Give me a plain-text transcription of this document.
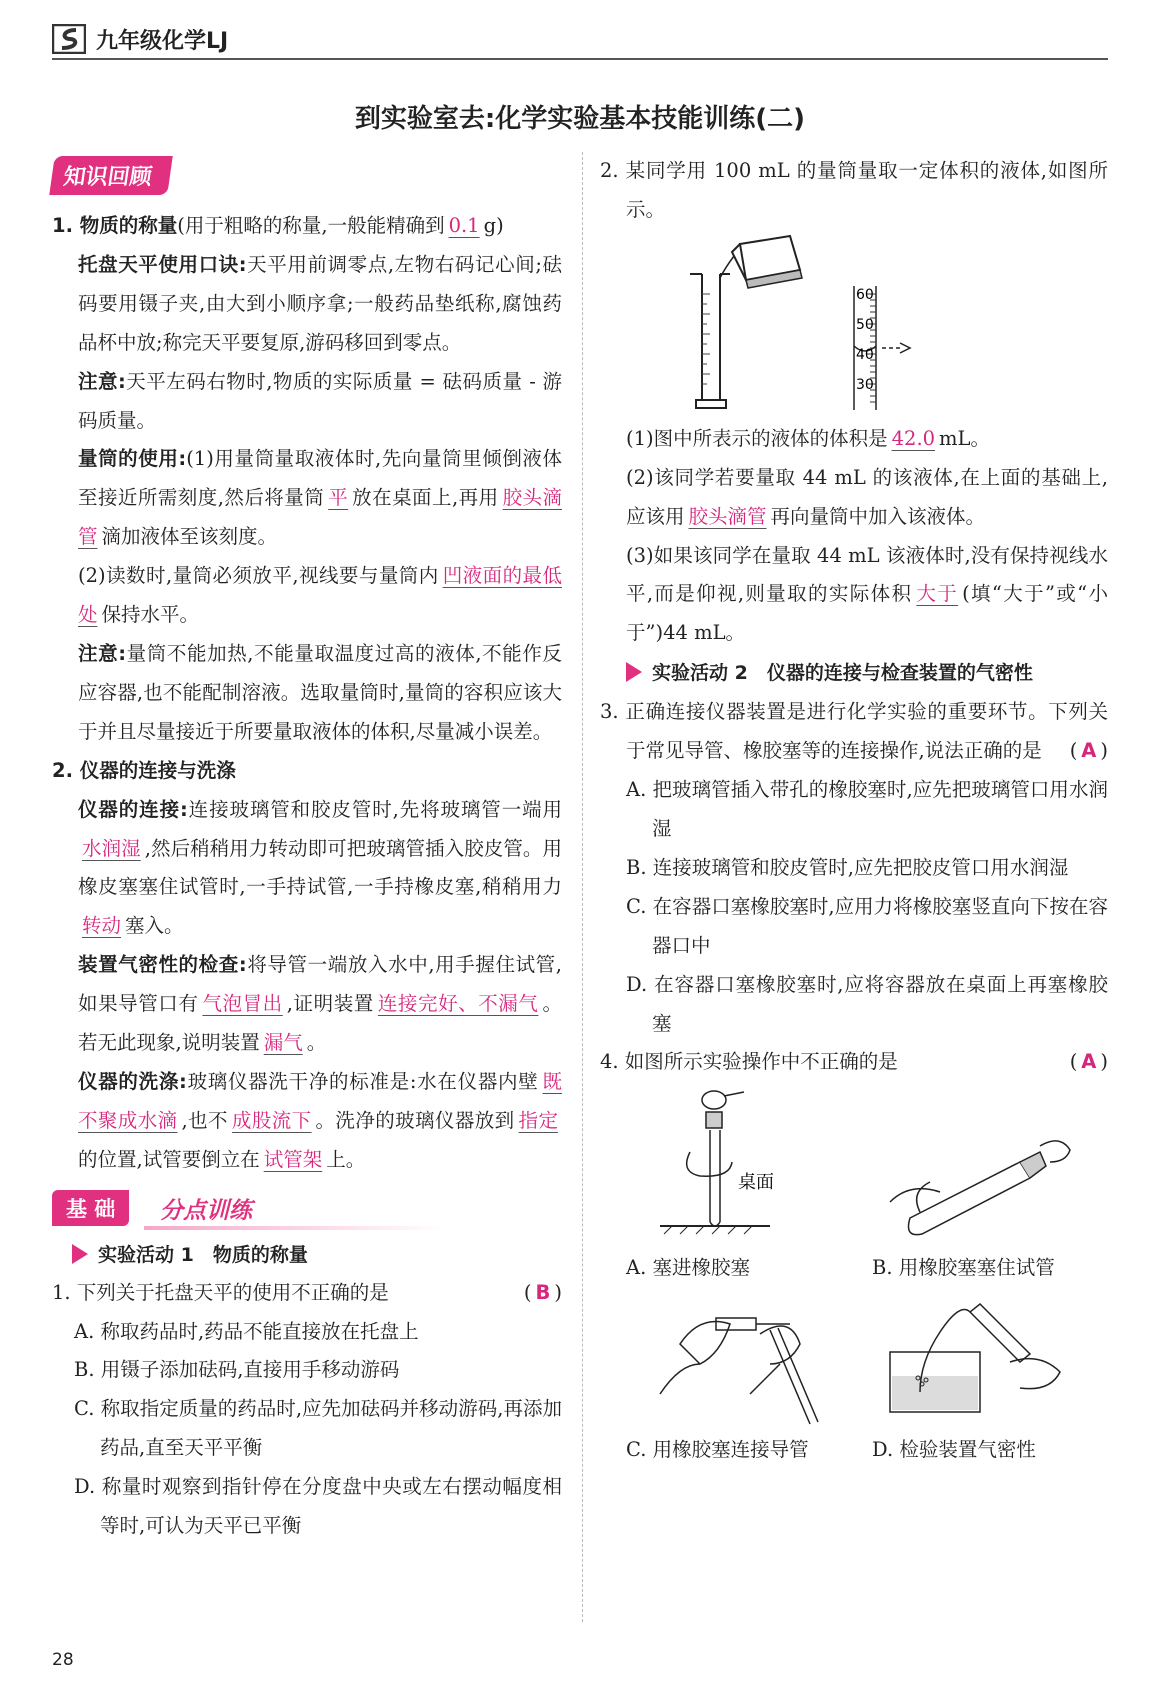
九年级化学LJ
到实验室去:化学实验基本技能训练(二)
知识回顾
1. 物质的称量(用于粗略的称量,一般能精确到 0.1 g)
托盘天平使用口诀:天平用前调零点,左物右码记心间;砝码要用镊子夹,由大到小顺序拿;一般药品垫纸称,腐蚀药品杯中放;称完天平要复原,游码移回到零点。
注意:天平左码右物时,物质的实际质量 = 砝码质量 - 游码质量。
量筒的使用:(1)用量筒量取液体时,先向量筒里倾倒液体至接近所需刻度,然后将量筒 平 放在桌面上,再用 胶头滴管 滴加液体至该刻度。
(2)读数时,量筒必须放平,视线要与量筒内 凹液面的最低处 保持水平。
注意:量筒不能加热,不能量取温度过高的液体,不能作反应容器,也不能配制溶液。选取量筒时,量筒的容积应该大于并且尽量接近于所要量取液体的体积,尽量减小误差。
2. 仪器的连接与洗涤
仪器的连接:连接玻璃管和胶皮管时,先将玻璃管一端用水润湿 ,然后稍稍用力转动即可把玻璃管插入胶皮管。用橡皮塞塞住试管时,一手持试管,一手持橡皮塞,稍稍用力转动 塞入。
装置气密性的检查:将导管一端放入水中,用手握住试管,如果导管口有 气泡冒出 ,证明装置 连接完好、不漏气 。若无此现象,说明装置 漏气 。
仪器的洗涤:玻璃仪器洗干净的标准是:水在仪器内壁 既不聚成水滴 ,也不 成股流下 。洗净的玻璃仪器放到 指定的位置,试管要倒立在 试管架 上。
基 础	分点训练
实验活动 1　物质的称量
1. 下列关于托盘天平的使用不正确的是	( B )
A. 称取药品时,药品不能直接放在托盘上
B. 用镊子添加砝码,直接用手移动游码
C. 称取指定质量的药品时,应先加砝码并移动游码,再添加药品,直至天平平衡
D. 称量时观察到指针停在分度盘中央或左右摆动幅度相等时,可认为天平已平衡
2. 某同学用 100 mL 的量筒量取一定体积的液体,如图所示。
60
50
40
30
(1)图中所表示的液体的体积是 42.0 mL。
(2)该同学若要量取 44 mL 的该液体,在上面的基础上,应该用 胶头滴管 再向量筒中加入该液体。
(3)如果该同学在量取 44 mL 该液体时,没有保持视线水平,而是仰视,则量取的实际体积 大于 (填“大于”或“小于”)44 mL。
实验活动 2　仪器的连接与检查装置的气密性
3. 正确连接仪器装置是进行化学实验的重要环节。下列关于常见导管、橡胶塞等的连接操作,说法正确的是 ( A )
A. 把玻璃管插入带孔的橡胶塞时,应先把玻璃管口用水润湿
B. 连接玻璃管和胶皮管时,应先把胶皮管口用水润湿
C. 在容器口塞橡胶塞时,应用力将橡胶塞竖直向下按在容器口中
D. 在容器口塞橡胶塞时,应将容器放在桌面上再塞橡胶塞
4. 如图所示实验操作中不正确的是	( A )
桌面
A. 塞进橡胶塞	B. 用橡胶塞塞住试管
C. 用橡胶塞连接导管	D. 检验装置气密性
28
